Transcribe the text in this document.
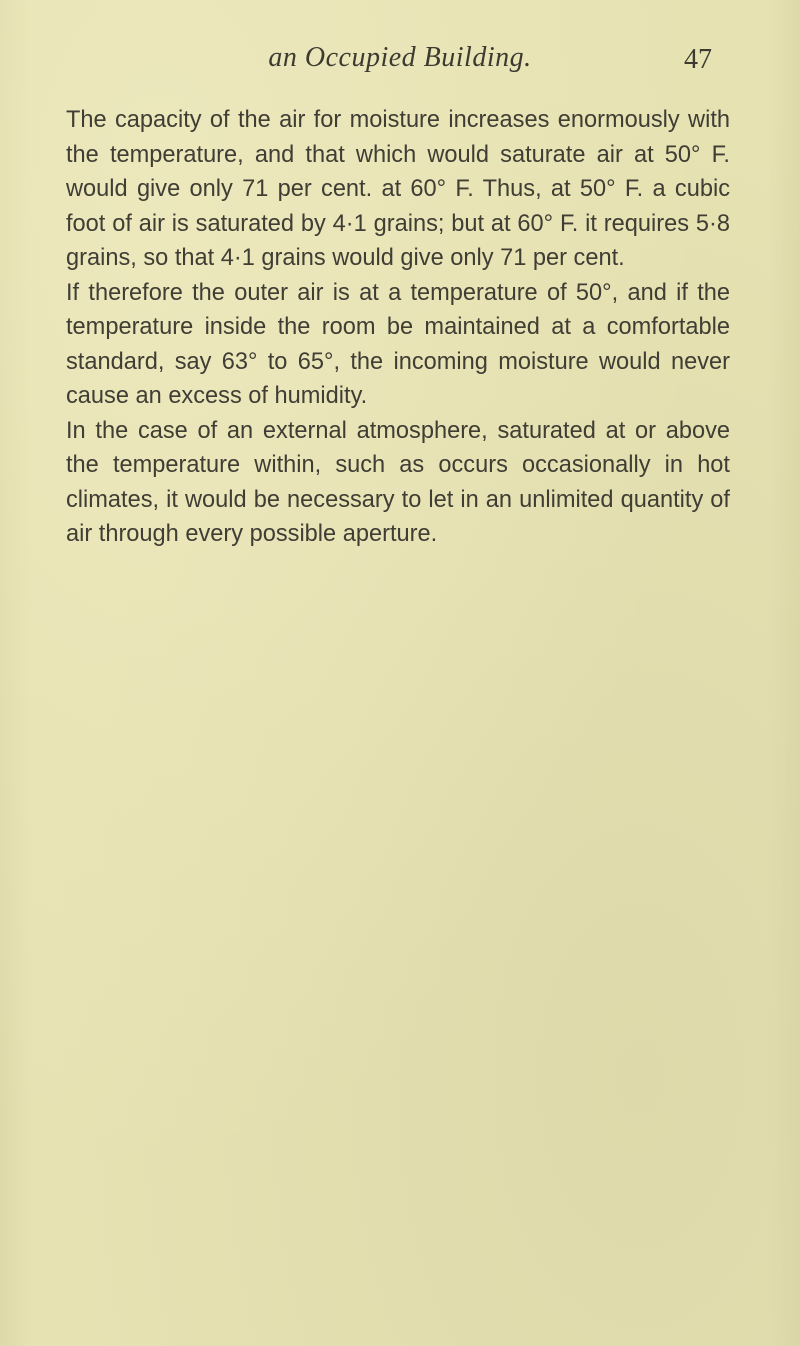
an Occupied Building.	47

The capacity of the air for moisture increases enormously with the temperature, and that which would saturate air at 50° F. would give only 71 per cent. at 60° F. Thus, at 50° F. a cubic foot of air is saturated by 4·1 grains; but at 60° F. it requires 5·8 grains, so that 4·1 grains would give only 71 per cent.

If therefore the outer air is at a temperature of 50°, and if the temperature inside the room be maintained at a comfortable standard, say 63° to 65°, the incoming moisture would never cause an excess of humidity.

In the case of an external atmosphere, saturated at or above the temperature within, such as occurs occasionally in hot climates, it would be necessary to let in an unlimited quantity of air through every possible aperture.
